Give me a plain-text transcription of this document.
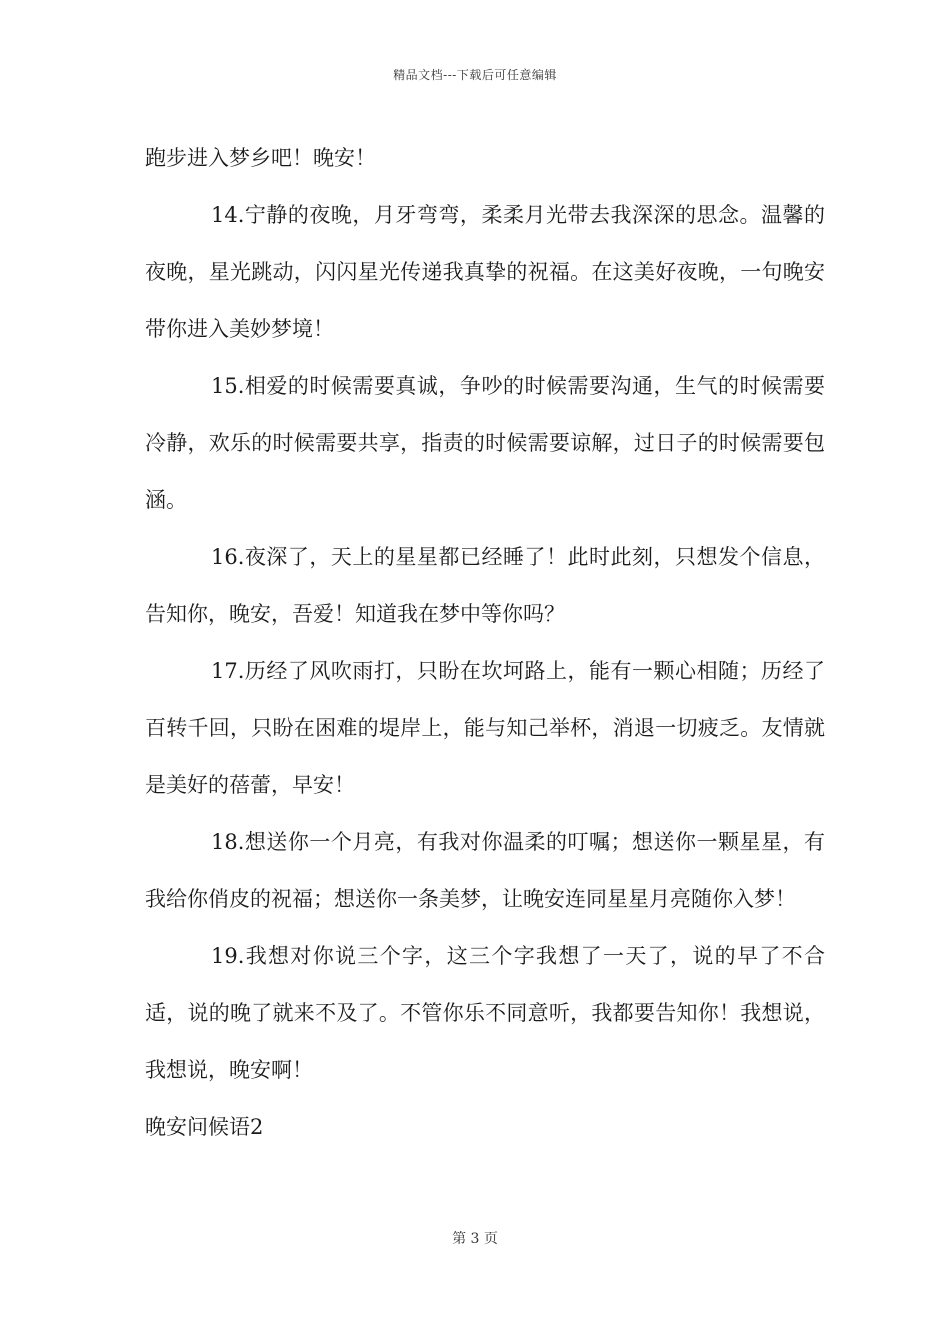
精品文档---下载后可任意编辑

跑步进入梦乡吧！晚安！

14.宁静的夜晚，月牙弯弯，柔柔月光带去我深深的思念。温馨的夜晚，星光跳动，闪闪星光传递我真挚的祝福。在这美好夜晚，一句晚安带你进入美妙梦境！

15.相爱的时候需要真诚，争吵的时候需要沟通，生气的时候需要冷静，欢乐的时候需要共享，指责的时候需要谅解，过日子的时候需要包涵。

16.夜深了，天上的星星都已经睡了！此时此刻，只想发个信息，告知你，晚安，吾爱！知道我在梦中等你吗？

17.历经了风吹雨打，只盼在坎坷路上，能有一颗心相随；历经了百转千回，只盼在困难的堤岸上，能与知己举杯，消退一切疲乏。友情就是美好的蓓蕾，早安！

18.想送你一个月亮，有我对你温柔的叮嘱；想送你一颗星星，有我给你俏皮的祝福；想送你一条美梦，让晚安连同星星月亮随你入梦！

19.我想对你说三个字，这三个字我想了一天了，说的早了不合适，说的晚了就来不及了。不管你乐不同意听，我都要告知你！我想说，我想说，晚安啊！

晚安问候语2

第 3 页
